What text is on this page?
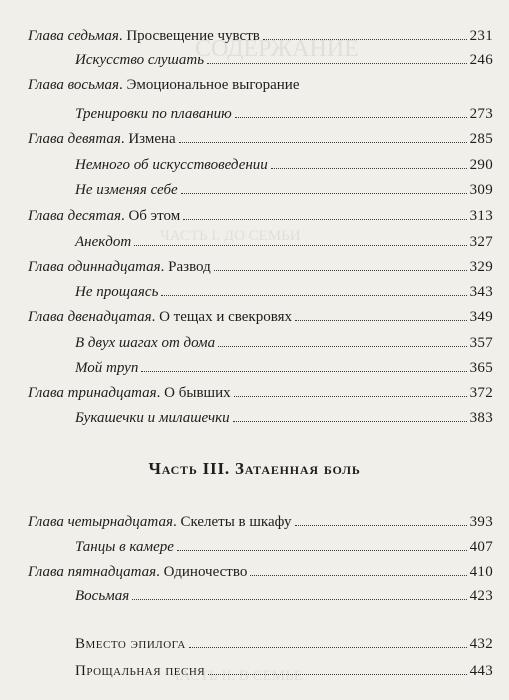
СОДЕРЖАНИЕ
ЧАСТЬ I. ДО СЕМЬИ
ЧАСТЬ II. В СЕМЬЕ
Глава седьмая. Просвещение чувств	231
Искусство слушать	246
Глава восьмая. Эмоциональное выгорание
Тренировки по плаванию	273
Глава девятая. Измена	285
Немного об искусствоведении	290
Не изменяя себе	309
Глава десятая. Об этом	313
Анекдот	327
Глава одиннадцатая. Развод	329
Не прощаясь	343
Глава двенадцатая. О тещах и свекровях	349
В двух шагах от дома	357
Мой труп	365
Глава тринадцатая. О бывших	372
Букашечки и милашечки	383
Часть III. Затаенная боль
Глава четырнадцатая. Скелеты в шкафу	393
Танцы в камере	407
Глава пятнадцатая. Одиночество	410
Восьмая	423
Вместо эпилога	432
Прощальная песня	443
